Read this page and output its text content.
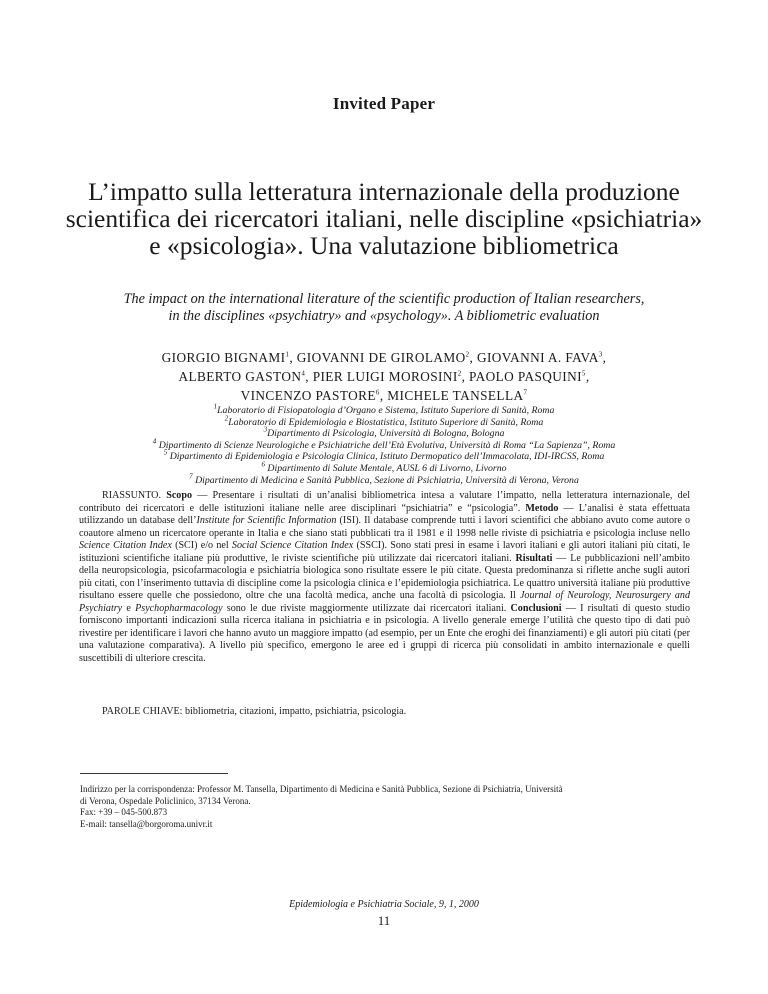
Invited Paper
L’impatto sulla letteratura internazionale della produzione
scientifica dei ricercatori italiani, nelle discipline «psichiatria»
e «psicologia». Una valutazione bibliometrica
The impact on the international literature of the scientific production of Italian researchers,
in the disciplines «psychiatry» and «psychology». A bibliometric evaluation
GIORGIO BIGNAMI$^1$, GIOVANNI DE GIROLAMO$^2$, GIOVANNI A. FAVA$^3$,
ALBERTO GASTON$^4$, PIER LUIGI MOROSINI$^2$, PAOLO PASQUINI$^5$,
VINCENZO PASTORE$^6$, MICHELE TANSELLA$^7$
$^1$Laboratorio di Fisiopatologia d’Organo e Sistema, Istituto Superiore di Sanità, Roma
$^2$Laboratorio di Epidemiologia e Biostatistica, Istituto Superiore di Sanità, Roma
$^3$Dipartimento di Psicologia, Università di Bologna, Bologna
$^4$ Dipartimento di Scienze Neurologiche e Psichiatriche dell’Età Evolutiva, Università di Roma “La Sapienza”, Roma
$^5$ Dipartimento di Epidemiologia e Psicologia Clinica, Istituto Dermopatico dell’Immacolata, IDI-IRCSS, Roma
$^6$ Dipartimento di Salute Mentale, AUSL 6 di Livorno, Livorno
$^7$ Dipartimento di Medicina e Sanità Pubblica, Sezione di Psichiatria, Università di Verona, Verona

RIASSUNTO. Scopo — Presentare i risultati di un’analisi bibliometrica intesa a valutare l’impatto, nella letteratura internazionale, del contributo dei ricercatori e delle istituzioni italiane nelle aree disciplinari “psichiatria” e “psicologia”. Metodo — L’analisi è stata effettuata utilizzando un database dell’Institute for Scientific Information (ISI). Il database comprende tutti i lavori scientifici che abbiano avuto come autore o coautore almeno un ricercatore operante in Italia e che siano stati pubblicati tra il 1981 e il 1998 nelle riviste di psichiatria e psicologia incluse nello Science Citation Index (SCI) e/o nel Social Science Citation Index (SSCI). Sono stati presi in esame i lavori italiani e gli autori italiani più citati, le istituzioni scientifiche italiane più produttive, le riviste scientifiche più utilizzate dai ricercatori italiani. Risultati — Le pubblicazioni nell’ambito della neuropsicologia, psicofarmacologia e psichiatria biologica sono risultate essere le più citate. Questa predominanza si riflette anche sugli autori più citati, con l’inserimento tuttavia di discipline come la psicologia clinica e l’epidemiologia psichiatrica. Le quattro università italiane più produttive risultano essere quelle che possiedono, oltre che una facoltà medica, anche una facoltà di psicologia. Il Journal of Neurology, Neurosurgery and Psychiatry e Psychopharmacology sono le due riviste maggiormente utilizzate dai ricercatori italiani. Conclusioni — I risultati di questo studio forniscono importanti indicazioni sulla ricerca italiana in psichiatria e in psicologia. A livello generale emerge l’utilità che questo tipo di dati può rivestire per identificare i lavori che hanno avuto un maggiore impatto (ad esempio, per un Ente che eroghi dei finanziamenti) e gli autori più citati (per una valutazione comparativa). A livello più specifico, emergono le aree ed i gruppi di ricerca più consolidati in ambito internazionale e quelli suscettibili di ulteriore crescita.

PAROLE CHIAVE: bibliometria, citazioni, impatto, psichiatria, psicologia.
Indirizzo per la corrispondenza: Professor M. Tansella, Dipartimento di Medicina e Sanità Pubblica, Sezione di Psichiatria, Università
di Verona, Ospedale Policlinico, 37134 Verona.
Fax: +39 – 045-500.873
E-mail: tansella@borgoroma.univr.it
Epidemiologia e Psichiatria Sociale, 9, 1, 2000
11
